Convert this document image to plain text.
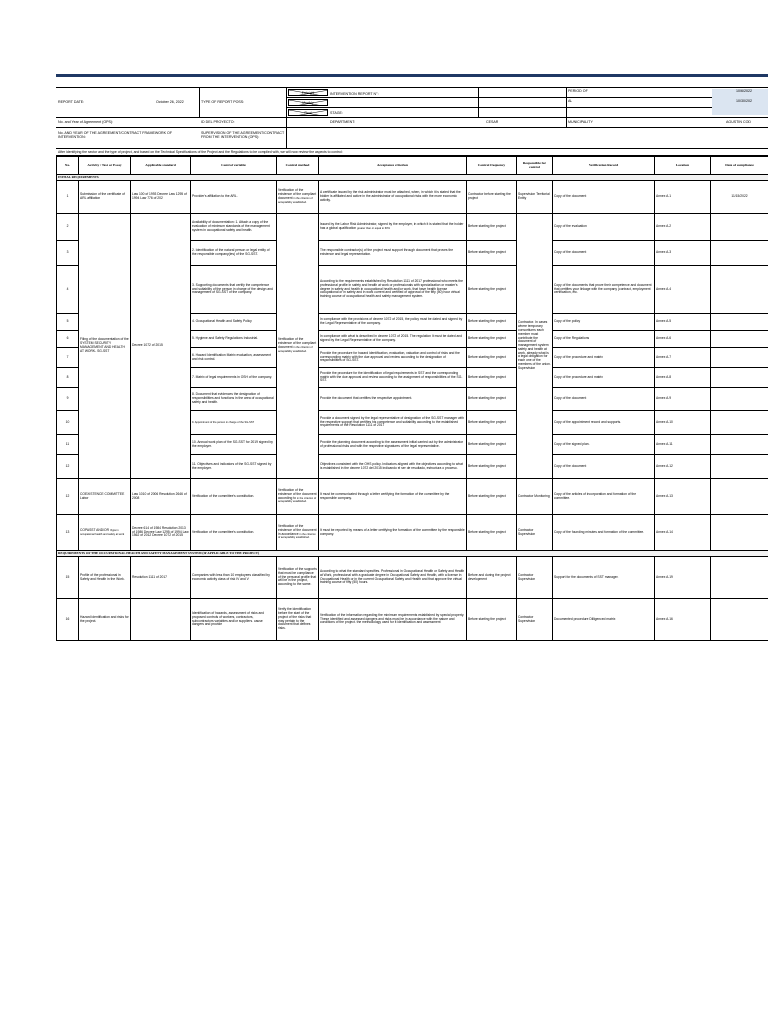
REPORT DATE:	October 26, 2022	TYPE OF REPORT POSS:
Fortnight
Monthly
Final
INTERVENTION REPORT N°:
STAGE:
PERIOD OF	10/6/2022
AL	10/30/202
No. and Year of Agreement (OPS):	ID DEL PROYECTO:	DEPARTMENT:	CESAR	MUNICIPALITY	AGUSTIN COD
No. AND YEAR OF THE AGREEMENT/CONTRACT FRAMEWORK OF INTERVENTION:
SUPERVISION OF THE AGREEMENT/CONTRACT FROM THE INTERVENTION (OPS):
After identifying the sector and the type of project, and based on the Technical Specifications of the Project and the Regulations to be complied with, we will now review the aspects to control:
No.	Activity / Test or Essay	Applicable standard	Control variable	Control method	Acceptance criterion	Control frequency	Responsible for control	Verification Record	Location	Date of compliance
INITIAL REQUIREMENTS										
1	Submission of the certificate of ARL affiliation	Law 100 of 1993 Decree Law 1295 of 1994 Law 776 of 202	Provider's affiliation to the ARL.	Verification of the existence of the compliant document in the criterion of acceptability established.	A certificate issued by the risk administrator must be attached, when, in which it is stated that the bidder is affiliated and active in the administrator of occupational risks with the more economic activity.	Contractor before starting the project	Supervision Territorial Entity	Copy of the document	Annex A.1	11/15/2022
2	Filing of the documentation of the SYSTEM SECURITY MANAGEMENT AND HEALTH AT WORK- SG-SST	Decree 1072 of 2015	Availability of documentation: 1. Attach a copy of the evaluation of minimum standards of the management system in occupational safety and health.	Verification of the existence of the compliant document in the criterion of acceptability established.	Issued by the Labor Risk Administrator, signed by the employer, in which it is stated that the holder has a global qualification greater than or equal to 60%	Before starting the project	Contractor. In cases where temporary consortiums each member must contribute the document of management system safety and health at work, already what is a legal obligation for each one of the members of the union. Supervision	Copy of the evaluation	Annex A.2	
3			2. Identification of the natural person or legal entity of the responsible company(ies) of the SG-SST.		The responsible contractor(s) of the project must support through document that proves the existence and legal representation.	Before starting the project		Copy of the document	Annex A.3	
4			3. Supporting documents that certify the competence and suitability of the person in charge of the design and management of SG-SST of the company.		According to the requirements established by Resolution 1111 of 2017 professional who meets the professional profile in safety and health at work or professionals with specialization or master's degree in safety and health in occupational health and/or work, that have health license occupational or in safety and in work current and certified of approval of the fifty (50) hour virtual training course of occupational health and safety management system.	Before starting the project		Copy of the documents that prove their competence and document that certifies your linkage with the company (contract, employment certification, etc.	Annex A.4	
5			4. Occupational Health and Safety Policy		In compliance with the provisions of decree 1072 of 2015, the policy must be dated and signed by the Legal Representative of the company.	Before starting the project		Copy of the policy	Annex A.5	
6			5. Hygiene and Safety Regulations Industrial.		In compliance with what is described in decree 1072 of 2015. The regulation It must be dated and signed by the Legal Representative of the company.	Before starting the project		Copy of the Regulations	Annex A.6	
7			6. Hazard Identification Matrix evaluation, assessment and risk control.		Provide the procedure for hazard identification, evaluation, valuation and control of risks and the corresponding matrix with the due approval and review according to the designation of responsibilities of SG-SST.	Before starting the project		Copy of the procedure and matrix	Annex A.7	
8			7. Matrix of legal requirements in OSH of the company.		Provide the procedure for the identification of legal requirements in SST and the corresponding matrix with the due approval and review according to the assignment of responsibilities of the SG-SST.	Before starting the project		Copy of the procedure and matrix	Annex A.8	
9			8. Document that evidences the designation of responsibilities and functions in the area of occupational safety and health.		Provide the document that certifies the respective appointment.	Before starting the project		Copy of the document	Annex A.9	
10			9. Appointment of the person in charge of the SG-SST		Provide a document signed by the legal representative of designation of the SG-SST manager with the respective support that certifies his competence and suitability according to the established requirements of the Resolution 1111 of 2017	Before starting the project		Copy of the appointment record and supports.	Annex A.10	
11			10. Annual work plan of the SG-SST for 2019 signed by the employer.		Provide the planning document according to the assessment initial carried out by the administrator of professional risks and with the respective signatures of the legal representative.	Before starting the project		Copy of the signed plan.	Annex A.11	
12			11. Objectives and indicators of the SG-SST signed by the employer.		Objectives consistent with the OHS policy. Indicators aligned with the objectives according to what is established in the decree 1072 del 2015 indicando el ser de resultado, estructura o proceso.	Before starting the project		Copy of the document	Annex A.12	
12	COEXISTENCE COMMITTEE Labor	Law 1010 of 2006 Resolution 2646 of 2008	Verification of the committee's constitution.	Verification of the existence of the document according to in the criterion of acceptability established.	It must be communicated through a letter certifying the formation of the committee by the responsible company.	Before starting the project	Contractor Monitoring	Copy of the articles of incorporation and formation of the committee.	Annex A.13	
13	COPASST AND/OR Vigía in occupational health and safety at work	Decree 614 of 1984 Resolution 2013 of 1986 Decree Law 1295 of 1994 Law 1562 of 2012 Decree 1072 of 2015	Verification of the committee's constitution.	Verification of the existence of the document in accordance in the criterion of acceptability established.	It must be reported by means of a letter certifying the formation of the committee by the responsible company.	Before starting the project	Contractor Supervision	Copy of the founding minutes and formation of the committee.	Annex A.14	
REQUIREMENTS OF THE OCCUPATIONAL HEALTH AND SAFETY MANAGEMENT SYSTEM (IF APPLICABLE TO THE PROJECT)										
15	Profile of the professional in Safety and Health in the Work.	Resolution 1111 of 2017	Companies with less than 10 employees classified by economic activity class of risk IV and V	Verification of the supports that must be compliance of the personal profile that will be in the project, according to the same.	According to what the standard specifies. Professional in Occupational Health or Safety and Health at Work, professional with a graduate degree in Occupational Safety and Health, with a license in Occupational Health or in the current Occupational Safety and Health and that approve the virtual training course of fifty (50) hours.	Before and during the project development	Contractor Supervision	Support for the documents of SST manager.	Annex A.19	
16	Hazard identification and risks for the project.		Identification of hazards, assessment of risks and proposed controls of workers, contractors, subcontractors variables and/or suppliers. cause dangers and provide	Verify the identification before the start of the project of the risks that may pertain to the document that defines risks.	Verification of the information regarding the minimum requirements established by special property. These identified and assessed dangers and risks must be in accordance with the nature and conditions of the project. the methodology used for it identification and assessment	Before starting the project	Contractor Supervision	Documented procedure Dilligenced matrix	Annex A.16	
